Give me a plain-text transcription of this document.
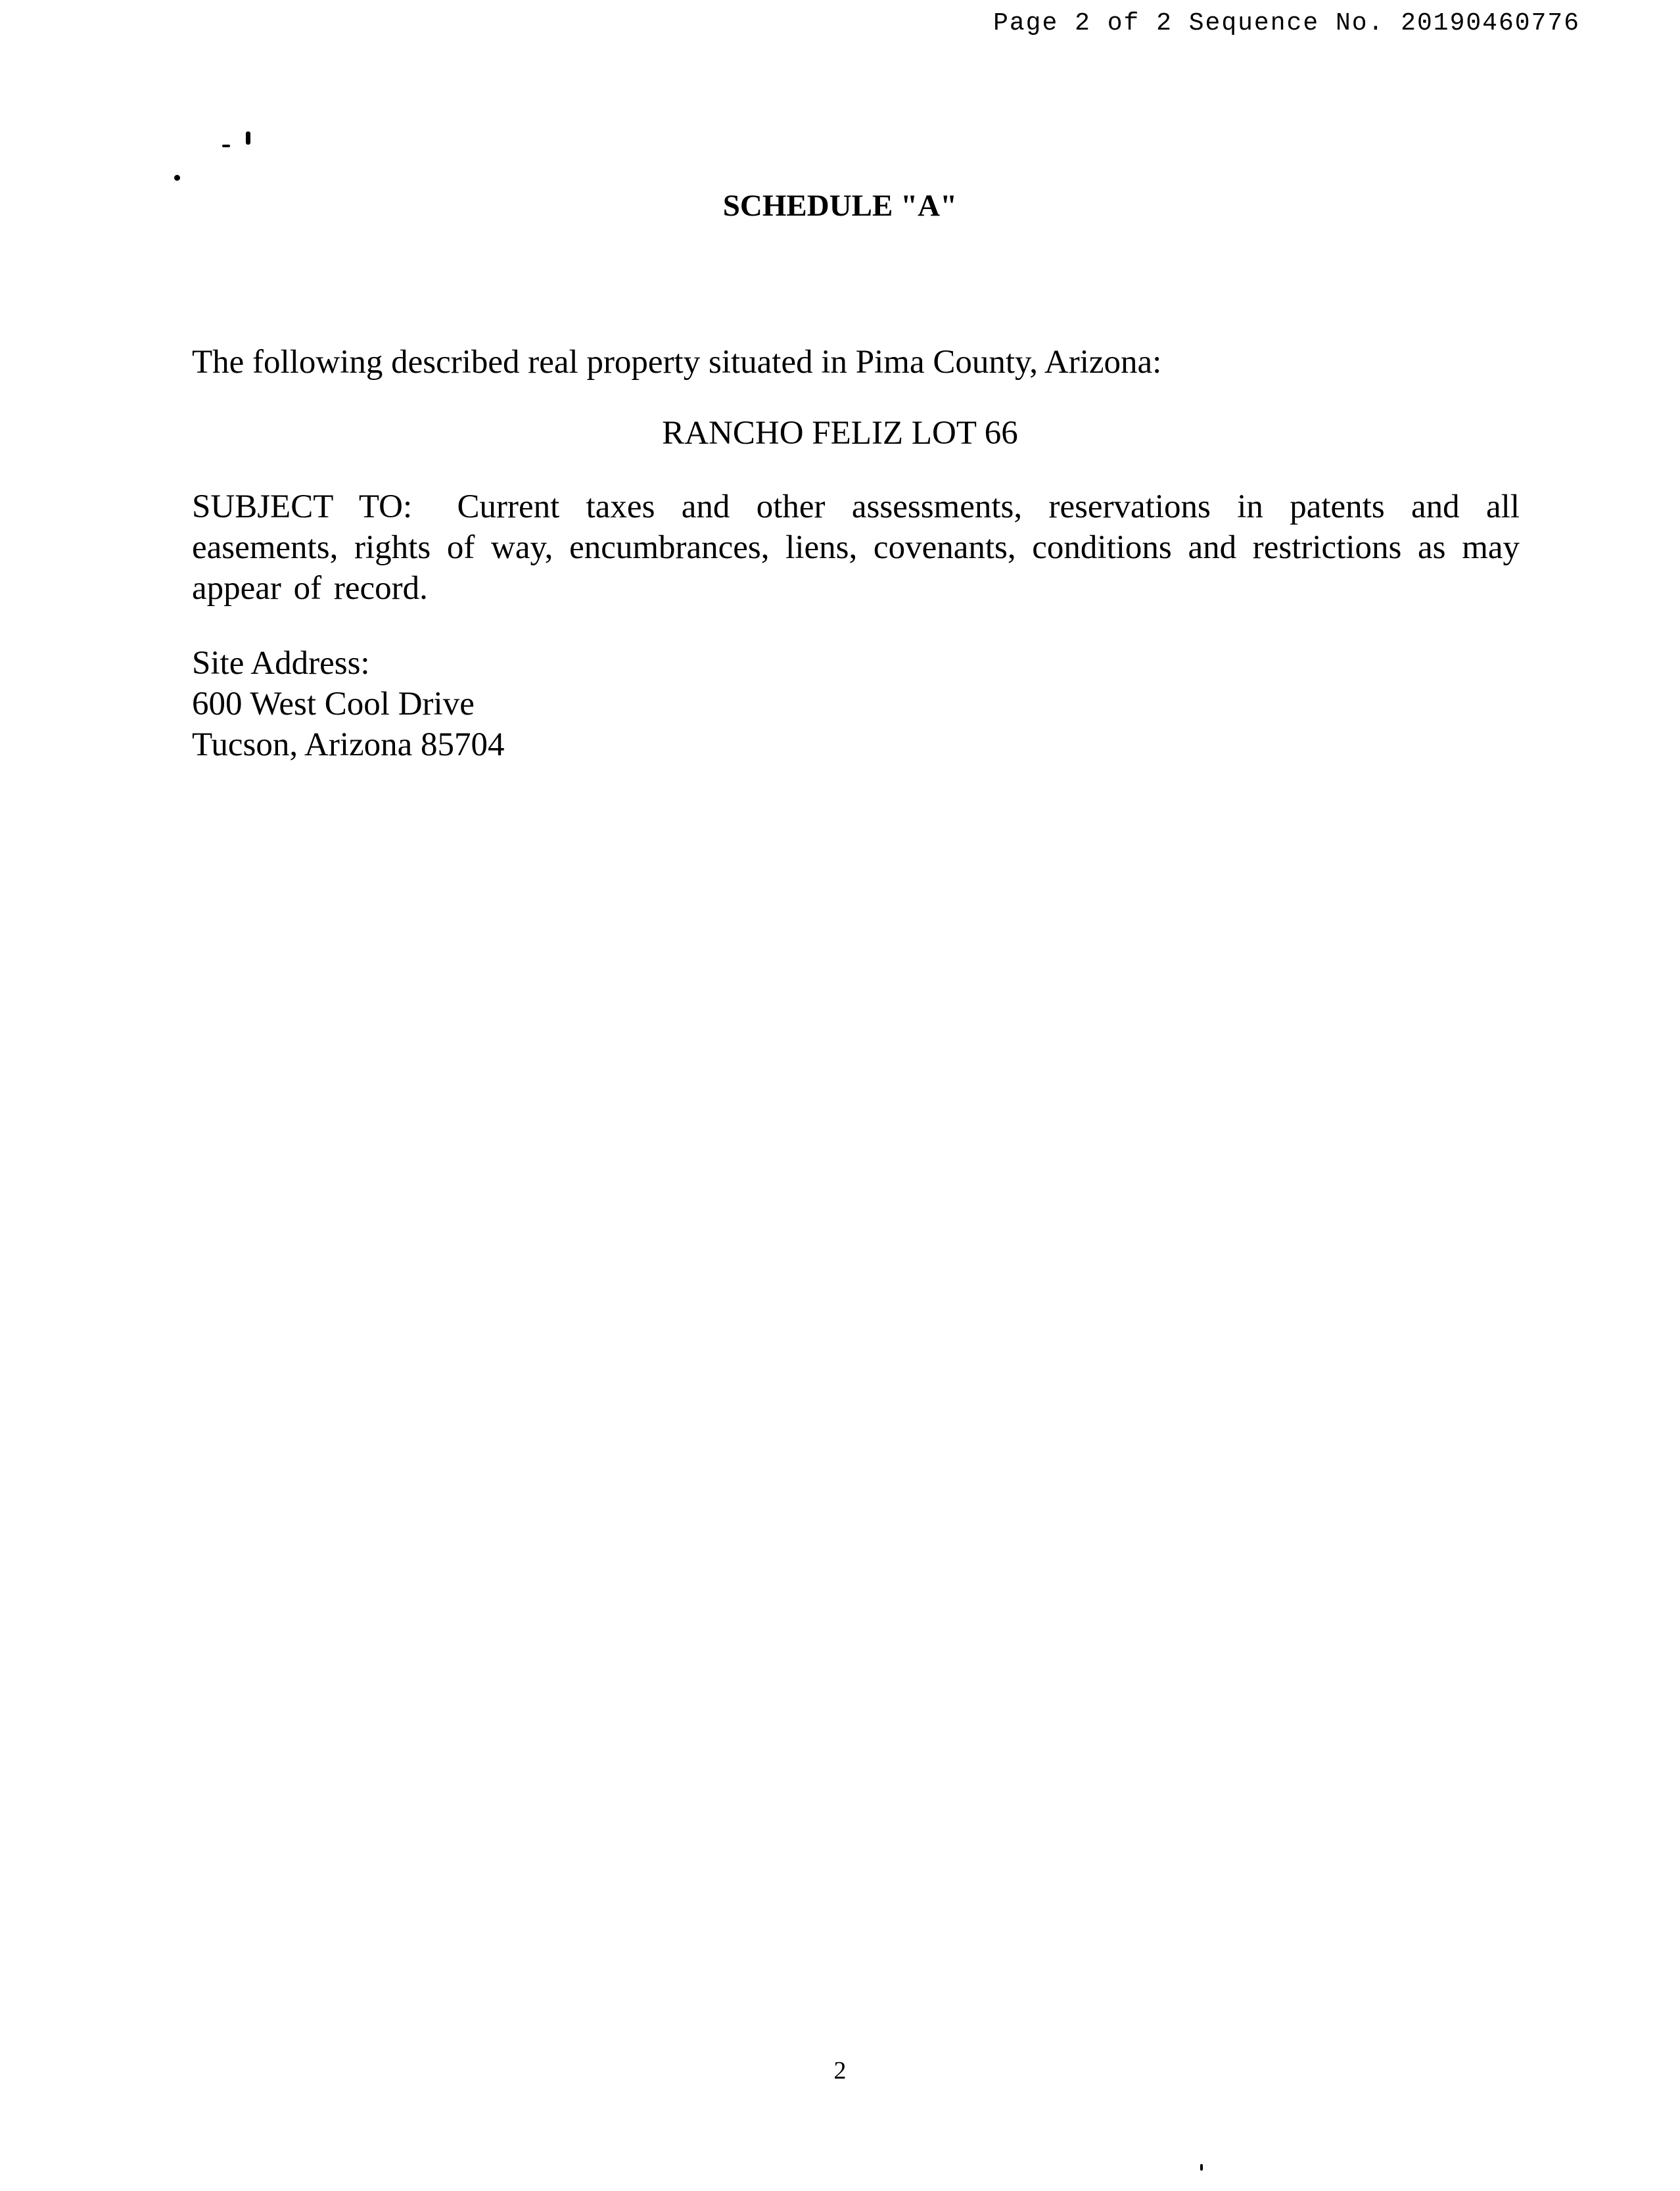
Page 2 of 2 Sequence No. 20190460776
SCHEDULE "A"
The following described real property situated in Pima County, Arizona:
RANCHO FELIZ LOT 66
SUBJECT TO: Current taxes and other assessments, reservations in patents and all easements, rights of way, encumbrances, liens, covenants, conditions and restrictions as may appear of record.
Site Address:
600 West Cool Drive
Tucson, Arizona 85704
2
